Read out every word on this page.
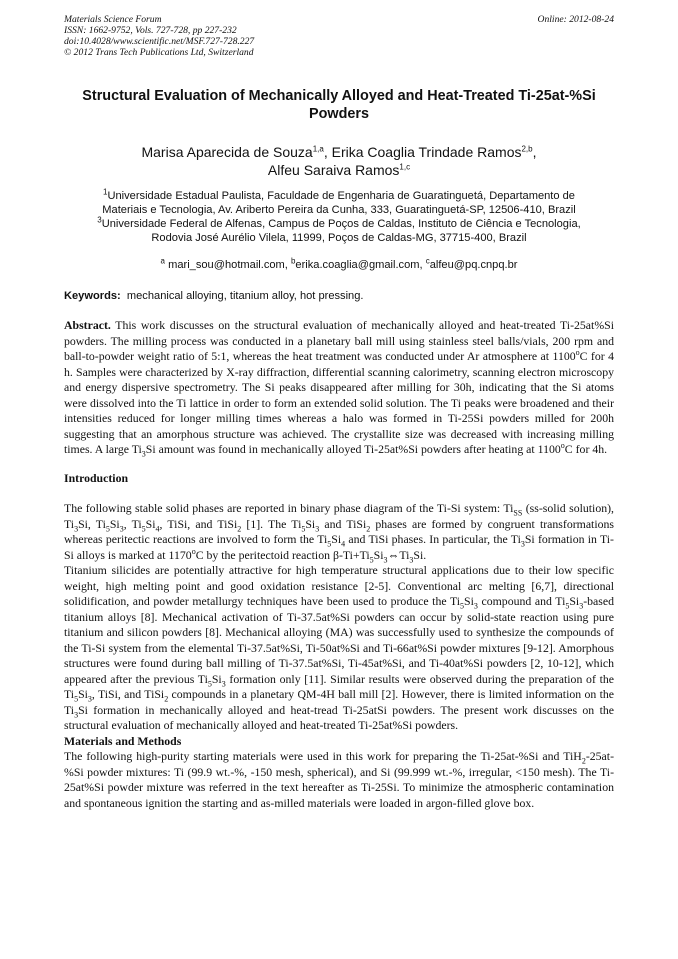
Materials Science Forum
ISSN: 1662-9752, Vols. 727-728, pp 227-232
doi:10.4028/www.scientific.net/MSF.727-728.227
© 2012 Trans Tech Publications Ltd, Switzerland
Online: 2012-08-24
Structural Evaluation of Mechanically Alloyed and Heat-Treated Ti-25at-%Si Powders
Marisa Aparecida de Souza$^{1,a}$, Erika Coaglia Trindade Ramos$^{2,b}$,
Alfeu Saraiva Ramos$^{1,c}$
$^1$Universidade Estadual Paulista, Faculdade de Engenharia de Guaratinguetá, Departamento de
Materiais e Tecnologia, Av. Ariberto Pereira da Cunha, 333, Guaratinguetá-SP, 12506-410, Brazil
$^3$Universidade Federal de Alfenas, Campus de Poços de Caldas, Instituto de Ciência e Tecnologia,
Rodovia José Aurélio Vilela, 11999, Poços de Caldas-MG, 37715-400, Brazil
$^a$ mari_sou@hotmail.com, $^b$erika.coaglia@gmail.com, $^c$alfeu@pq.cnpq.br
Keywords: mechanical alloying, titanium alloy, hot pressing.

Abstract. This work discusses on the structural evaluation of mechanically alloyed and heat-treated Ti-25at%Si powders. The milling process was conducted in a planetary ball mill using stainless steel balls/vials, 200 rpm and ball-to-powder weight ratio of 5:1, whereas the heat treatment was conducted under Ar atmosphere at 1100$^o$C for 4 h. Samples were characterized by X-ray diffraction, differential scanning calorimetry, scanning electron microscopy and energy dispersive spectrometry. The Si peaks disappeared after milling for 30h, indicating that the Si atoms were dissolved into the Ti lattice in order to form an extended solid solution. The Ti peaks were broadened and their intensities reduced for longer milling times whereas a halo was formed in Ti-25Si powders milled for 200h suggesting that an amorphous structure was achieved. The crystallite size was decreased with increasing milling times. A large $Ti_3Si$ amount was found in mechanically alloyed Ti-25at%Si powders after heating at 1100$^o$C for 4h.

Introduction

The following stable solid phases are reported in binary phase diagram of the Ti-Si system: $Ti_{SS}$ (ss-solid solution), $Ti_3Si$, $Ti_5Si_3$, $Ti_5Si_4$, TiSi, and TiSi$_2$ [1]. The $Ti_5Si_3$ and TiSi$_2$ phases are formed by congruent transformations whereas peritectic reactions are involved to form the $Ti_5Si_4$ and TiSi phases. In particular, the $Ti_3Si$ formation in Ti-Si alloys is marked at 1170$^o$C by the peritectoid reaction $\beta-Ti+Ti_5Si_3\Leftrightarrow Ti_3Si$.

Titanium silicides are potentially attractive for high temperature structural applications due to their low specific weight, high melting point and good oxidation resistance [2-5]. Conventional arc melting [6,7], directional solidification, and powder metallurgy techniques have been used to produce the $Ti_5Si_3$ compound and $Ti_5Si_3$-based titanium alloys [8]. Mechanical activation of Ti-37.5at%Si powders can occur by solid-state reaction using pure titanium and silicon powders [8]. Mechanical alloying (MA) was successfully used to synthesize the compounds of the Ti-Si system from the elemental Ti-37.5at%Si, Ti-50at%Si and Ti-66at%Si powder mixtures [9-12]. Amorphous structures were found during ball milling of Ti-37.5at%Si, Ti-45at%Si, and Ti-40at%Si powders [2, 10-12], which appeared after the previous $Ti_5Si_3$ formation only [11]. Similar results were observed during the preparation of the $Ti_5Si_3$, TiSi, and TiSi$_2$ compounds in a planetary QM-4H ball mill [2]. However, there is limited information on the $Ti_3Si$ formation in mechanically alloyed and heat-tread Ti-25atSi powders. The present work discusses on the structural evaluation of mechanically alloyed and heat-treated Ti-25at%Si powders.

Materials and Methods

The following high-purity starting materials were used in this work for preparing the Ti-25at-%Si and TiH$_2$-25at-%Si powder mixtures: Ti (99.9 wt.-%, -150 mesh, spherical), and Si (99.999 wt.-%, irregular, <150 mesh). The Ti-25at%Si powder mixture was referred in the text hereafter as Ti-25Si. To minimize the atmospheric contamination and spontaneous ignition the starting and as-milled materials were loaded in argon-filled glove box.
